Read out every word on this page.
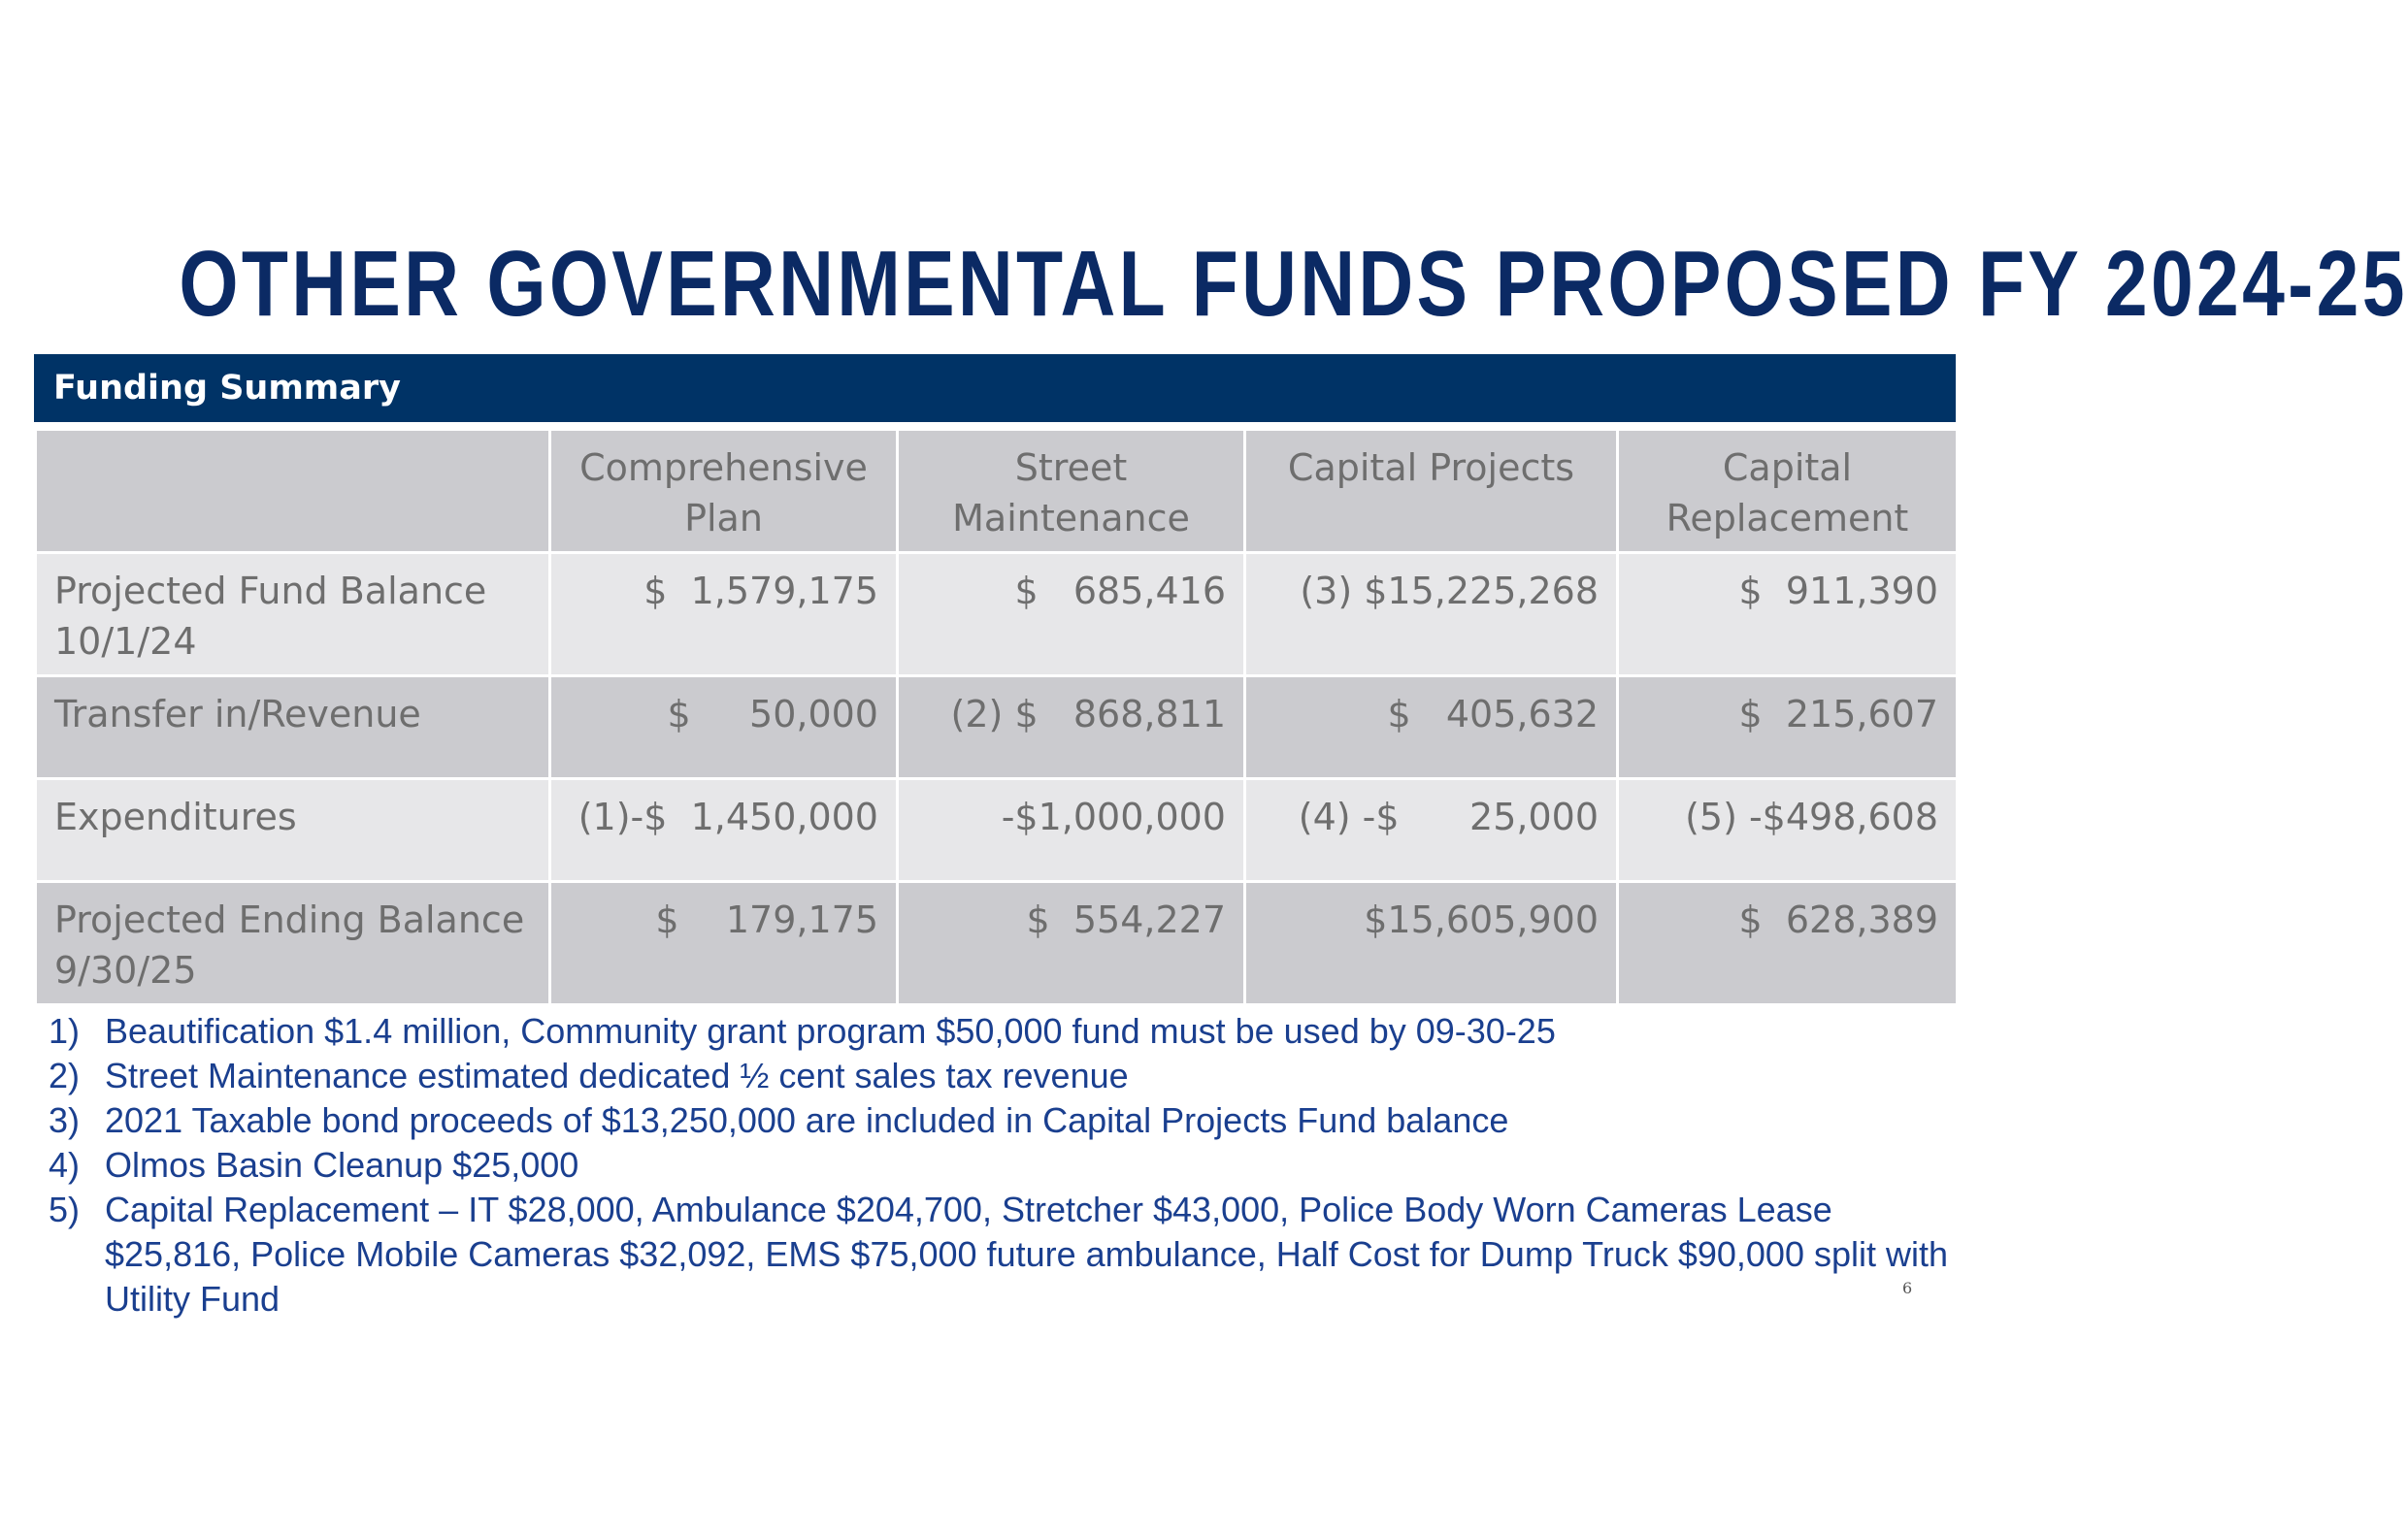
OTHER GOVERNMENTAL FUNDS PROPOSED FY 2024-25
Funding Summary
	Comprehensive Plan	Street Maintenance	Capital Projects	Capital Replacement
Projected Fund Balance 10/1/24	$  1,579,175	$   685,416	(3) $15,225,268	$  911,390
Transfer in/Revenue	$     50,000	(2) $   868,811	$   405,632	$  215,607
Expenditures	(1)-$  1,450,000	-$1,000,000	(4) -$      25,000	(5) -$498,608
Projected Ending Balance 9/30/25	$    179,175	$  554,227	$15,605,900	$  628,389
1) Beautification $1.4 million, Community grant program $50,000 fund must be used by 09-30-25
2) Street Maintenance estimated dedicated ½ cent sales tax revenue
3) 2021 Taxable bond proceeds of $13,250,000 are included in Capital Projects Fund balance
4) Olmos Basin Cleanup $25,000
5) Capital Replacement – IT $28,000, Ambulance $204,700, Stretcher $43,000, Police Body Worn Cameras Lease $25,816, Police Mobile Cameras $32,092, EMS $75,000 future ambulance, Half Cost for Dump Truck $90,000 split with Utility Fund	6
